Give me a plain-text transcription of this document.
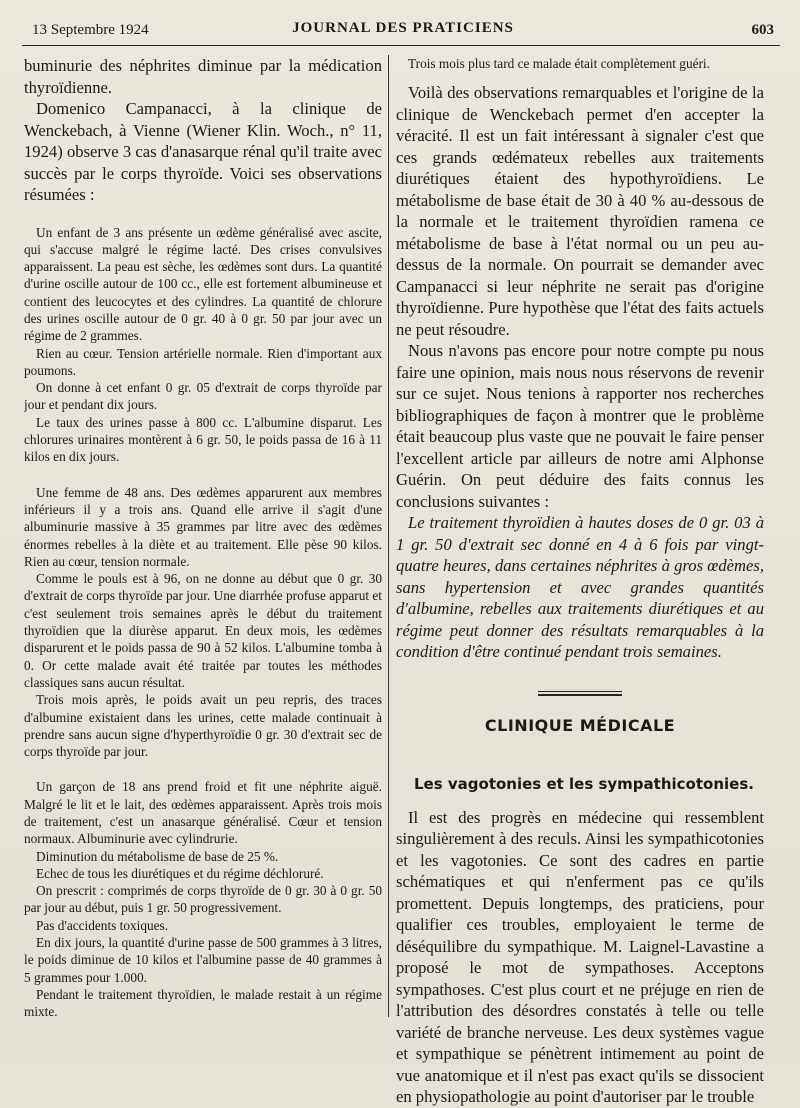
13 Septembre 1924	JOURNAL DES PRATICIENS	603

buminurie des néphrites diminue par la médication thyroïdienne.

Domenico Campanacci, à la clinique de Wenckebach, à Vienne (Wiener Klin. Woch., n° 11, 1924) observe 3 cas d'anasarque rénal qu'il traite avec succès par le corps thyroïde. Voici ses observations résumées :

Un enfant de 3 ans présente un œdème généralisé avec ascite, qui s'accuse malgré le régime lacté. Des crises convulsives apparaissent. La peau est sèche, les œdèmes sont durs. La quantité d'urine oscille autour de 100 cc., elle est fortement albumineuse et contient des leucocytes et des cylindres. La quantité de chlorure des urines oscille autour de 0 gr. 40 à 0 gr. 50 par jour avec un régime de 2 grammes.

Rien au cœur. Tension artérielle normale. Rien d'important aux poumons.

On donne à cet enfant 0 gr. 05 d'extrait de corps thyroïde par jour et pendant dix jours.

Le taux des urines passe à 800 cc. L'albumine disparut. Les chlorures urinaires montèrent à 6 gr. 50, le poids passa de 16 à 11 kilos en dix jours.

Une femme de 48 ans. Des œdèmes apparurent aux membres inférieurs il y a trois ans. Quand elle arrive il s'agit d'une albuminurie massive à 35 grammes par litre avec des œdèmes énormes rebelles à la diète et au traitement. Elle pèse 90 kilos. Rien au cœur, tension normale.

Comme le pouls est à 96, on ne donne au début que 0 gr. 30 d'extrait de corps thyroïde par jour. Une diarrhée profuse apparut et c'est seulement trois semaines après le début du traitement thyroïdien que la diurèse apparut. En deux mois, les œdèmes disparurent et le poids passa de 90 à 52 kilos. L'albumine tomba à 0. Or cette malade avait été traitée par toutes les méthodes classiques sans aucun résultat.

Trois mois après, le poids avait un peu repris, des traces d'albumine existaient dans les urines, cette malade continuait à prendre sans aucun signe d'hyperthyroïdie 0 gr. 30 d'extrait sec de corps thyroïde par jour.

Un garçon de 18 ans prend froid et fit une néphrite aiguë. Malgré le lit et le lait, des œdèmes apparaissent. Après trois mois de traitement, c'est un anasarque généralisé. Cœur et tension normaux. Albuminurie avec cylindrurie.

Diminution du métabolisme de base de 25 %.

Echec de tous les diurétiques et du régime déchloruré.

On prescrit : comprimés de corps thyroïde de 0 gr. 30 à 0 gr. 50 par jour au début, puis 1 gr. 50 progressivement.

Pas d'accidents toxiques.

En dix jours, la quantité d'urine passe de 500 grammes à 3 litres, le poids diminue de 10 kilos et l'albumine passe de 40 grammes à 5 grammes pour 1.000.

Pendant le traitement thyroïdien, le malade restait à un régime mixte.

Trois mois plus tard ce malade était complètement guéri.

Voilà des observations remarquables et l'origine de la clinique de Wenckebach permet d'en accepter la véracité. Il est un fait intéressant à signaler c'est que ces grands œdémateux rebelles aux traitements diurétiques étaient des hypothyroïdiens. Le métabolisme de base était de 30 à 40 % au-dessous de la normale et le traitement thyroïdien ramena ce métabolisme de base à l'état normal ou un peu au-dessus de la normale. On pourrait se demander avec Campanacci si leur néphrite ne serait pas d'origine thyroïdienne. Pure hypothèse que l'état des faits actuels ne peut résoudre.

Nous n'avons pas encore pour notre compte pu nous faire une opinion, mais nous nous réservons de revenir sur ce sujet. Nous tenions à rapporter nos recherches bibliographiques de façon à montrer que le problème était beaucoup plus vaste que ne pouvait le faire penser l'excellent article par ailleurs de notre ami Alphonse Guérin. On peut déduire des faits connus les conclusions suivantes :

Le traitement thyroïdien à hautes doses de 0 gr. 03 à 1 gr. 50 d'extrait sec donné en 4 à 6 fois par vingt-quatre heures, dans certaines néphrites à gros œdèmes, sans hypertension et avec grandes quantités d'albumine, rebelles aux traitements diurétiques et au régime peut donner des résultats remarquables à la condition d'être continué pendant trois semaines.

CLINIQUE MÉDICALE
Les vagotonies et les sympathicotonies.

Il est des progrès en médecine qui ressemblent singulièrement à des reculs. Ainsi les sympathicotonies et les vagotonies. Ce sont des cadres en partie schématiques et qui n'enferment pas ce qu'ils promettent. Depuis longtemps, des praticiens, pour qualifier ces troubles, employaient le terme de déséquilibre du sympathique. M. Laignel-Lavastine a proposé le mot de sympathoses. Acceptons sympathoses. C'est plus court et ne préjuge en rien de l'attribution des désordres constatés à telle ou telle variété de branche nerveuse. Les deux systèmes vague et sympathique se pénètrent intimement au point de vue anatomique et il n'est pas exact qu'ils se dissocient en physiopathologie au point d'autoriser par le trouble
